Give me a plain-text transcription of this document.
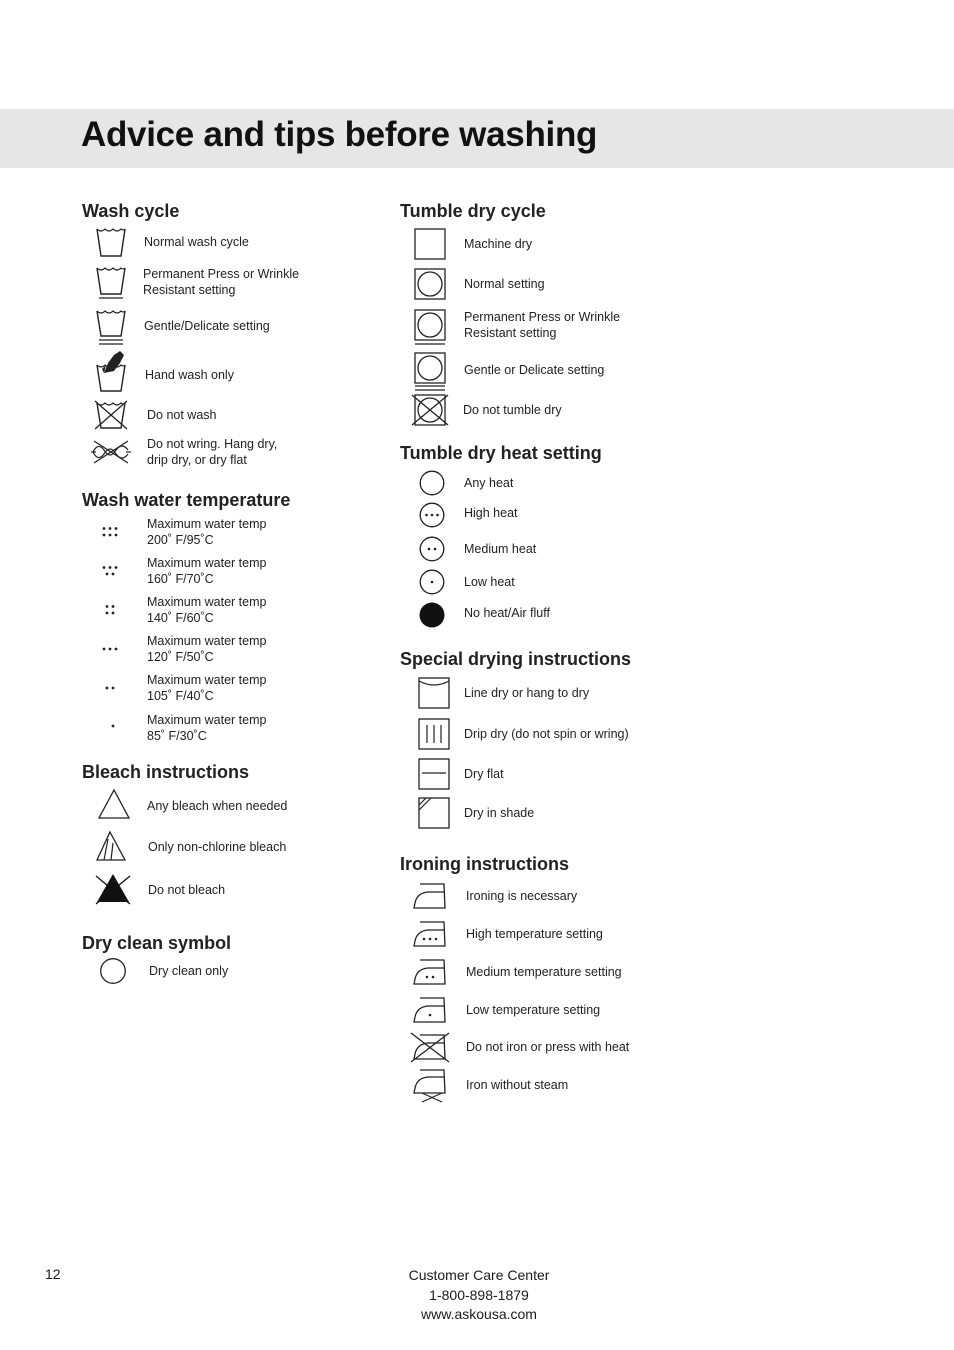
Advice and tips before washing
Wash cycle
Normal wash cycle
Permanent Press or Wrinkle
Resistant setting
Gentle/Delicate setting
Hand wash only
Do not wash
Do not wring. Hang dry,
drip dry, or dry flat
Wash water temperature
Maximum water temp
200˚ F/95˚C
Maximum water temp
160˚ F/70˚C
Maximum water temp
140˚ F/60˚C
Maximum water temp
120˚ F/50˚C
Maximum water temp
105˚ F/40˚C
Maximum water temp
85˚ F/30˚C
Bleach instructions
Any bleach when needed
Only non-chlorine bleach
Do not bleach
Dry clean symbol
Dry clean only
Tumble dry cycle
Machine dry
Normal setting
Permanent Press or Wrinkle
Resistant setting
Gentle or Delicate setting
Do not tumble dry
Tumble dry heat setting
Any heat
High heat
Medium heat
Low heat
No heat/Air fluff
Special drying instructions
Line dry or hang to dry
Drip dry (do not spin or wring)
Dry flat
Dry in shade
Ironing instructions
Ironing is necessary
High temperature setting
Medium temperature setting
Low temperature setting
Do not iron or press with heat
Iron without steam
12	Customer Care Center
1-800-898-1879
www.askousa.com
